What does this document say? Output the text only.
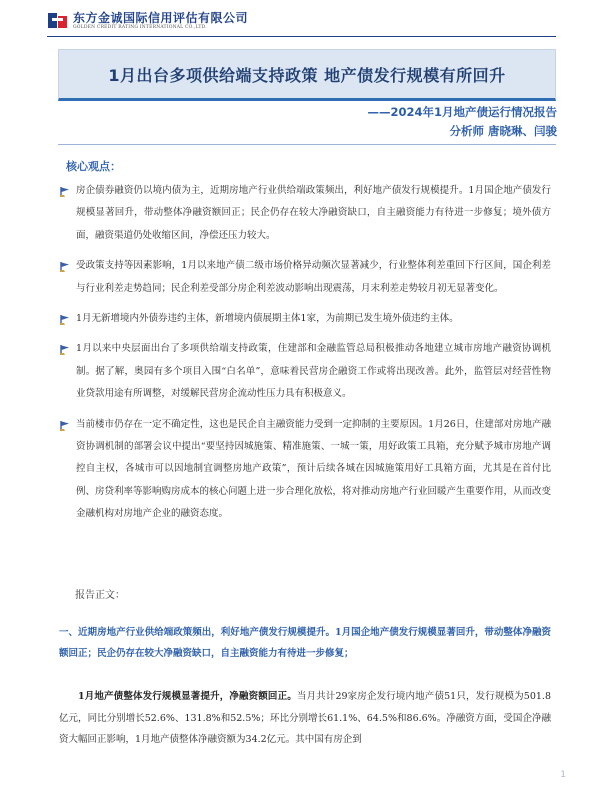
东方金诚国际信用评估有限公司
GOLDEN CREDIT RATING INTERNATIONAL CO.,LTD.
1月出台多项供给端支持政策 地产债发行规模有所回升
——2024年1月地产债运行情况报告
分析师 唐晓琳、闫骏
核心观点：
房企债券融资仍以境内债为主，近期房地产行业供给端政策频出，利好地产债发行规模提升。1月国企地产债发行规模显著回升，带动整体净融资额回正；民企仍存在较大净融资缺口，自主融资能力有待进一步修复；境外债方面，融资渠道仍处收缩区间，净偿还压力较大。
受政策支持等因素影响，1月以来地产债二级市场价格异动频次显著减少，行业整体利差重回下行区间，国企利差与行业利差走势趋同；民企利差受部分房企利差波动影响出现震荡，月末利差走势较月初无显著变化。
1月无新增境内外债券违约主体，新增境内债展期主体1家，为前期已发生境外债违约主体。
1月以来中央层面出台了多项供给端支持政策，住建部和金融监管总局积极推动各地建立城市房地产融资协调机制。据了解，奥园有多个项目入围“白名单”，意味着民营房企融资工作或将出现改善。此外，监管层对经营性物业贷款用途有所调整，对缓解民营房企流动性压力具有积极意义。
当前楼市仍存在一定不确定性，这也是民企自主融资能力受到一定抑制的主要原因。1月26日，住建部对房地产融资协调机制的部署会议中提出“要坚持因城施策、精准施策、一城一策，用好政策工具箱，充分赋予城市房地产调控自主权，各城市可以因地制宜调整房地产政策”，预计后续各城在因城施策用好工具箱方面，尤其是在首付比例、房贷利率等影响购房成本的核心问题上进一步合理化放松，将对推动房地产行业回暖产生重要作用，从而改变金融机构对房地产企业的融资态度。
报告正文：
一、近期房地产行业供给端政策频出，利好地产债发行规模提升。1月国企地产债发行规模显著回升，带动整体净融资额回正；民企仍存在较大净融资缺口，自主融资能力有待进一步修复；
1月地产债整体发行规模显著提升，净融资额回正。当月共计29家房企发行境内地产债51只，发行规模为501.8亿元，同比分别增长52.6%、131.8%和52.5%；环比分别增长61.1%、64.5%和86.6%。净融资方面，受国企净融资大幅回正影响，1月地产债整体净融资额为34.2亿元。其中国有房企到
1
